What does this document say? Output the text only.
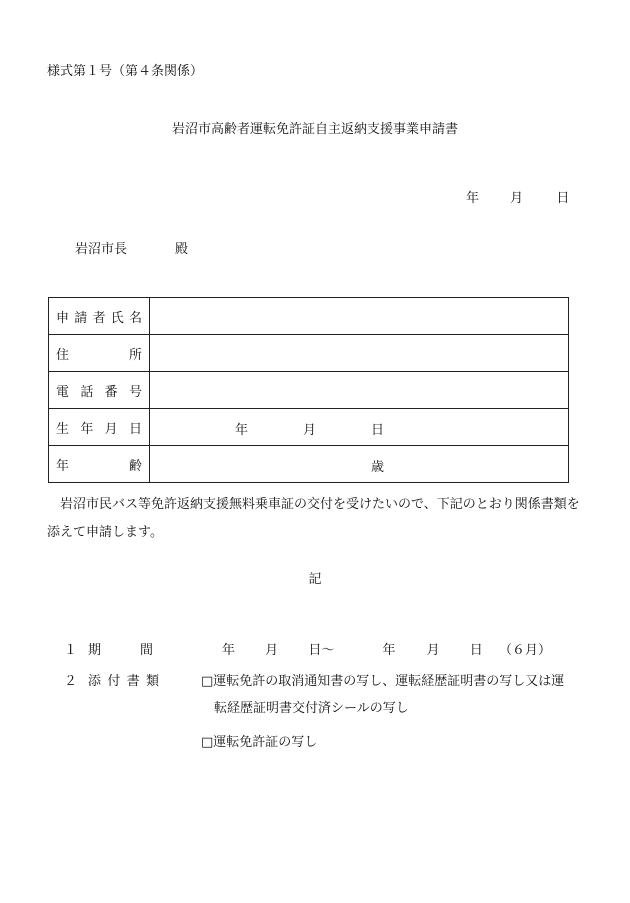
様式第１号（第４条関係）
岩沼市高齢者運転免許証自主返納支援事業申請書
年 月	日
岩沼市長	殿
申 請 者 氏 名	

住 所	

電 話 番 号	

生 年 月 日	年 月 日

年 齢	歳
岩沼市民バス等免許返納支援無料乗車証の交付を受けたいので、下記のとおり関係書類を添えて申請します。
記
１ 期	間	年 月 日～	年 月 日 （６月）
２ 添 付 書 類	□運転免許の取消通知書の写し、運転経歴証明書の写し又は運
転経歴証明書交付済シールの写し
□運転免許証の写し
